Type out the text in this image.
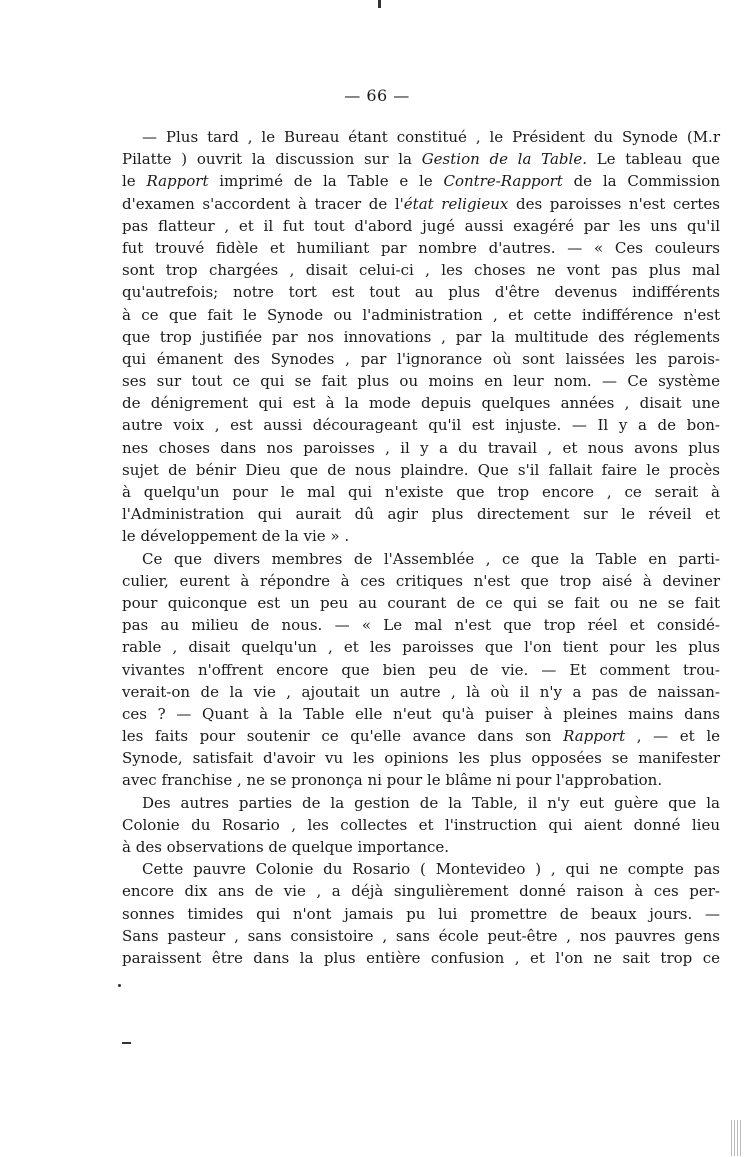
— 66 —
— Plus tard , le Bureau étant constitué , le Président du Synode (M.r
Pilatte ) ouvrit la discussion sur la Gestion de la Table. Le tableau que
le Rapport imprimé de la Table e le Contre-Rapport de la Commission
d'examen s'accordent à tracer de l'état religieux des paroisses n'est certes
pas flatteur , et il fut tout d'abord jugé aussi exagéré par les uns qu'il
fut trouvé fidèle et humiliant par nombre d'autres. — « Ces couleurs
sont trop chargées , disait celui-ci , les choses ne vont pas plus mal
qu'autrefois; notre tort est tout au plus d'être devenus indifférents
à ce que fait le Synode ou l'administration , et cette indifférence n'est
que trop justifiée par nos innovations , par la multitude des réglements
qui émanent des Synodes , par l'ignorance où sont laissées les parois-
ses sur tout ce qui se fait plus ou moins en leur nom. — Ce système
de dénigrement qui est à la mode depuis quelques années , disait une
autre voix , est aussi décourageant qu'il est injuste. — Il y a de bon-
nes choses dans nos paroisses , il y a du travail , et nous avons plus
sujet de bénir Dieu que de nous plaindre. Que s'il fallait faire le procès
à quelqu'un pour le mal qui n'existe que trop encore , ce serait à
l'Administration qui aurait dû agir plus directement sur le réveil et
le développement de la vie » .
Ce que divers membres de l'Assemblée , ce que la Table en parti-
culier, eurent à répondre à ces critiques n'est que trop aisé à deviner
pour quiconque est un peu au courant de ce qui se fait ou ne se fait
pas au milieu de nous. — « Le mal n'est que trop réel et considé-
rable , disait quelqu'un , et les paroisses que l'on tient pour les plus
vivantes n'offrent encore que bien peu de vie. — Et comment trou-
verait-on de la vie , ajoutait un autre , là où il n'y a pas de naissan-
ces ? — Quant à la Table elle n'eut qu'à puiser à pleines mains dans
les faits pour soutenir ce qu'elle avance dans son Rapport , — et le
Synode, satisfait d'avoir vu les opinions les plus opposées se manifester
avec franchise , ne se prononça ni pour le blâme ni pour l'approbation.
Des autres parties de la gestion de la Table, il n'y eut guère que la
Colonie du Rosario , les collectes et l'instruction qui aient donné lieu
à des observations de quelque importance.
Cette pauvre Colonie du Rosario ( Montevideo ) , qui ne compte pas
encore dix ans de vie , a déjà singulièrement donné raison à ces per-
sonnes timides qui n'ont jamais pu lui promettre de beaux jours. —
Sans pasteur , sans consistoire , sans école peut-être , nos pauvres gens
paraissent être dans la plus entière confusion , et l'on ne sait trop ce
